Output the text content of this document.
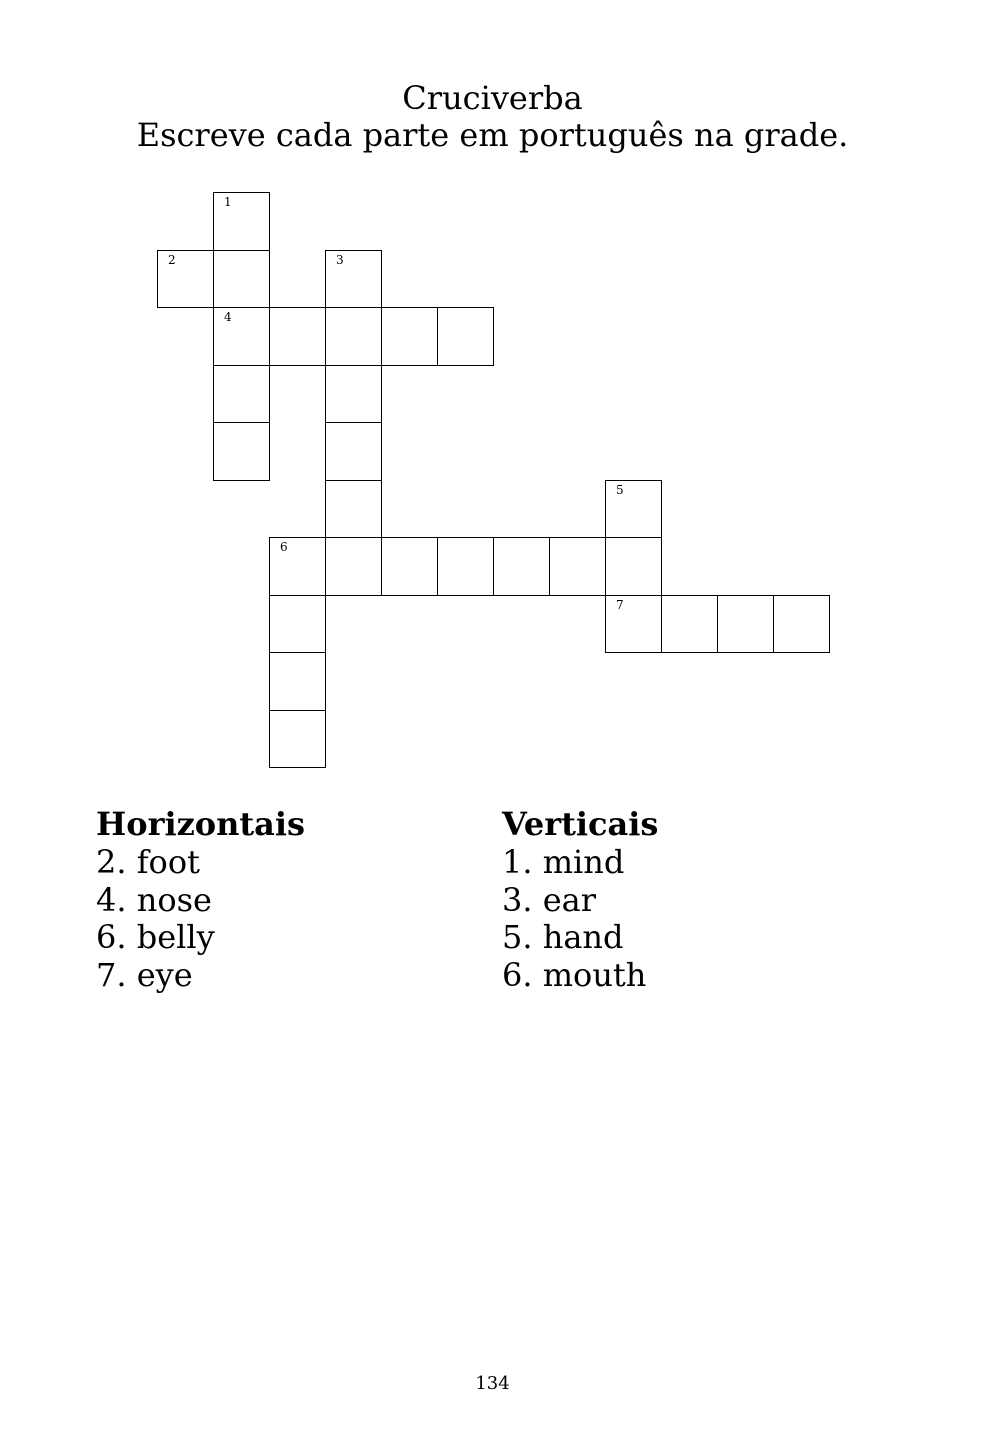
Cruciverba
Escreve cada parte em português na grade.
1
2	3
4
5
6
7
Horizontais
2. foot
4. nose
6. belly
7. eye
Verticais
1. mind
3. ear
5. hand
6. mouth
134
